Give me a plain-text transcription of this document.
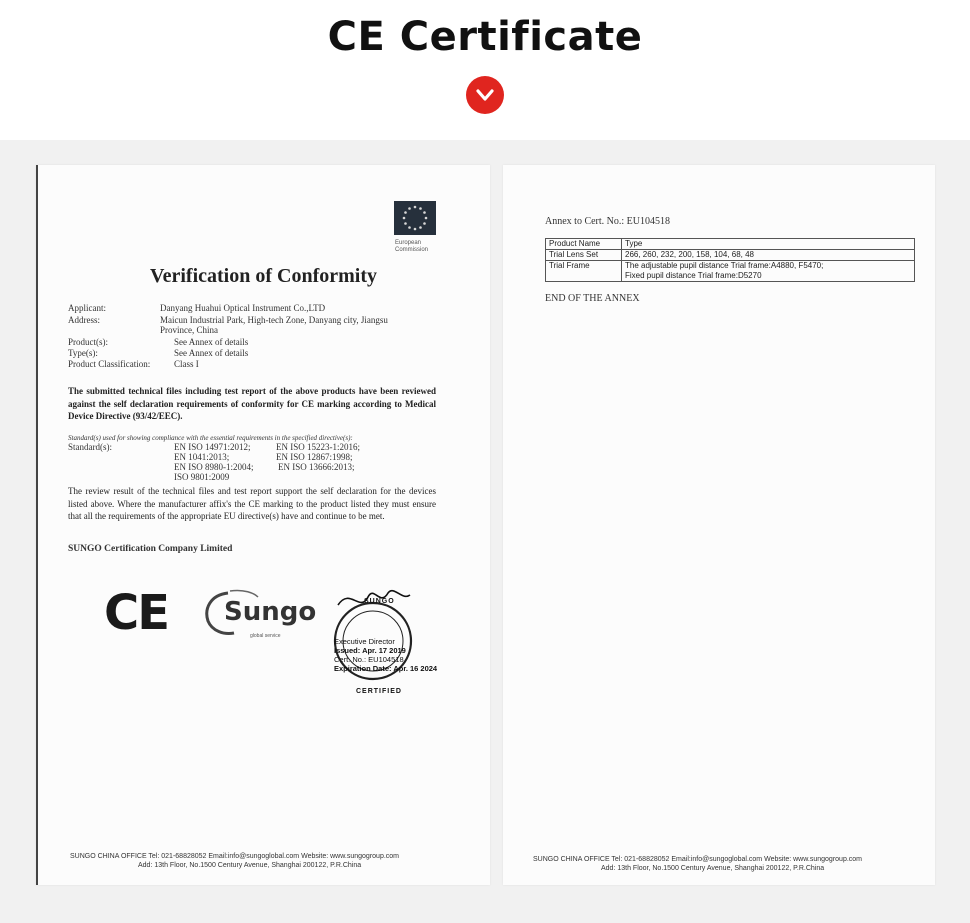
CE Certificate
European Commission
Verification of Conformity
Applicant:	Danyang Huahui Optical Instrument Co.,LTD
Address:	Maicun Industrial Park, High-tech Zone, Danyang city, Jiangsu
Province, China
Product(s):	See Annex of details
Type(s):	See Annex of details
Product Classification:	Class I
The submitted technical files including test report of the above products have been reviewed against the self declaration requirements of conformity for CE marking according to Medical Device Directive (93/42/EEC).
Standard(s) used for showing compliance with the essential requirements in the specified directive(s):
Standard(s):	EN ISO 14971:2012;	EN ISO 15223-1:2016;
EN 1041:2013;	EN ISO 12867:1998;
EN ISO 8980-1:2004;	EN ISO 13666:2013;
ISO 9801:2009
The review result of the technical files and test report support the self declaration for the devices listed above. Where the manufacturer affix's the CE marking to the product listed they must ensure that all the requirements of the appropriate EU directive(s) have and continue to be met.
SUNGO Certification Company Limited
CE Sungo
global service
SUNGO
Executive Director
Issued: Apr. 17 2019
Cert. No.: EU104518
Expiration Date: Apr. 16 2024
CERTIFIED
SUNGO CHINA OFFICE Tel: 021-68828052 Email:info@sungoglobal.com Website: www.sungogroup.com
Add: 13th Floor, No.1500 Century Avenue, Shanghai 200122, P.R.China
Annex to Cert. No.: EU104518
Product Name	Type
Trial Lens Set	266, 260, 232, 200, 158, 104, 68, 48
Trial Frame	The adjustable pupil distance Trial frame:A4880, F5470;
Fixed pupil distance Trial frame:D5270
END OF THE ANNEX
SUNGO CHINA OFFICE Tel: 021-68828052 Email:info@sungoglobal.com Website: www.sungogroup.com
Add: 13th Floor, No.1500 Century Avenue, Shanghai 200122, P.R.China
